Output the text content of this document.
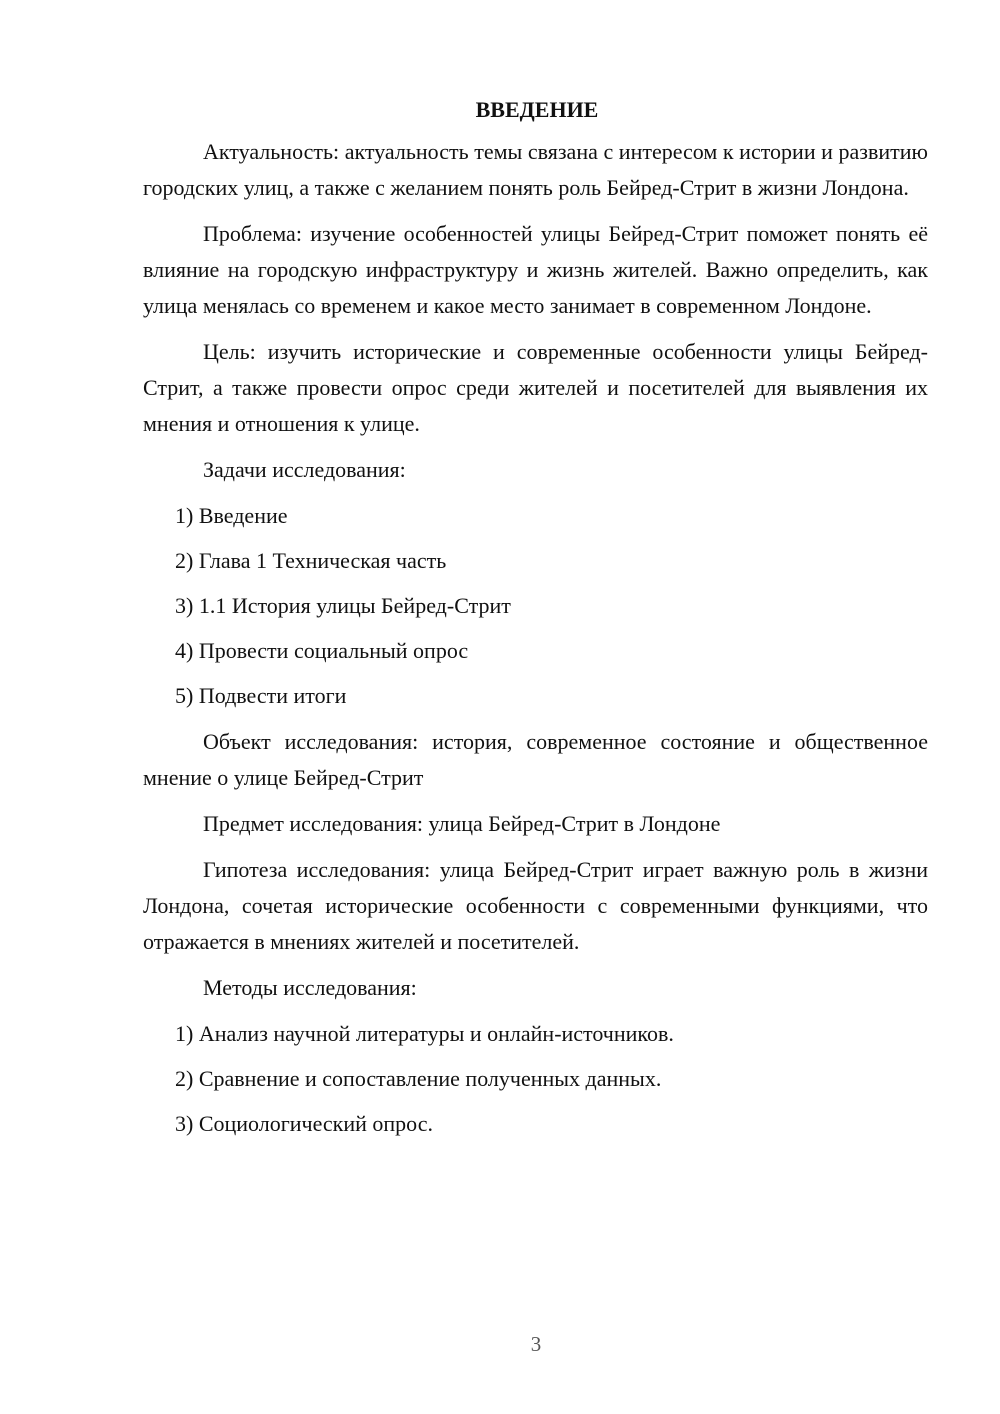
ВВЕДЕНИЕ

Актуальность: актуальность темы связана с интересом к истории и развитию городских улиц, а также с желанием понять роль Бейред-Стрит в жизни Лондона.

Проблема: изучение особенностей улицы Бейред-Стрит поможет понять её влияние на городскую инфраструктуру и жизнь жителей. Важно определить, как улица менялась со временем и какое место занимает в современном Лондоне.

Цель: изучить исторические и современные особенности улицы Бейред-Стрит, а также провести опрос среди жителей и посетителей для выявления их мнения и отношения к улице.

Задачи исследования:

1) Введение
2) Глава 1 Техническая часть
3) 1.1 История улицы Бейред-Стрит
4) Провести социальный опрос
5) Подвести итоги

Объект исследования: история, современное состояние и общественное мнение о улице Бейред-Стрит

Предмет исследования: улица Бейред-Стрит в Лондоне

Гипотеза исследования: улица Бейред-Стрит играет важную роль в жизни Лондона, сочетая исторические особенности с современными функциями, что отражается в мнениях жителей и посетителей.

Методы исследования:

1) Анализ научной литературы и онлайн-источников.
2) Сравнение и сопоставление полученных данных.
3) Социологический опрос.
3
